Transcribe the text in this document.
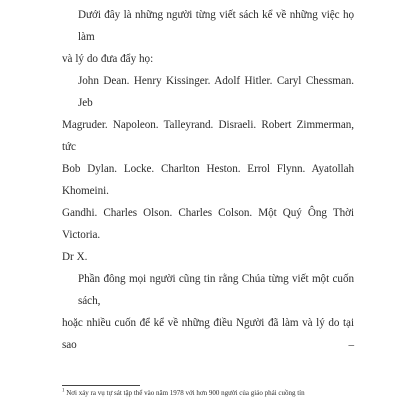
Dưới đây là những người từng viết sách kể về những việc họ làm
và lý do đưa đẩy họ:

John Dean. Henry Kissinger. Adolf Hitler. Caryl Chessman. Jeb
Magruder. Napoleon. Talleyrand. Disraeli. Robert Zimmerman, tức
Bob Dylan. Locke. Charlton Heston. Errol Flynn. Ayatollah Khomeini.
Gandhi. Charles Olson. Charles Colson. Một Quý Ông Thời Victoria.
Dr X.

Phần đông mọi người cũng tin rằng Chúa từng viết một cuốn sách,
hoặc nhiều cuốn để kể về những điều Người đã làm và lý do tại sao –

$^1$ Nơi xảy ra vụ tự sát tập thể vào năm 1978 với hơn 900 người của giáo phái cuồng tín
